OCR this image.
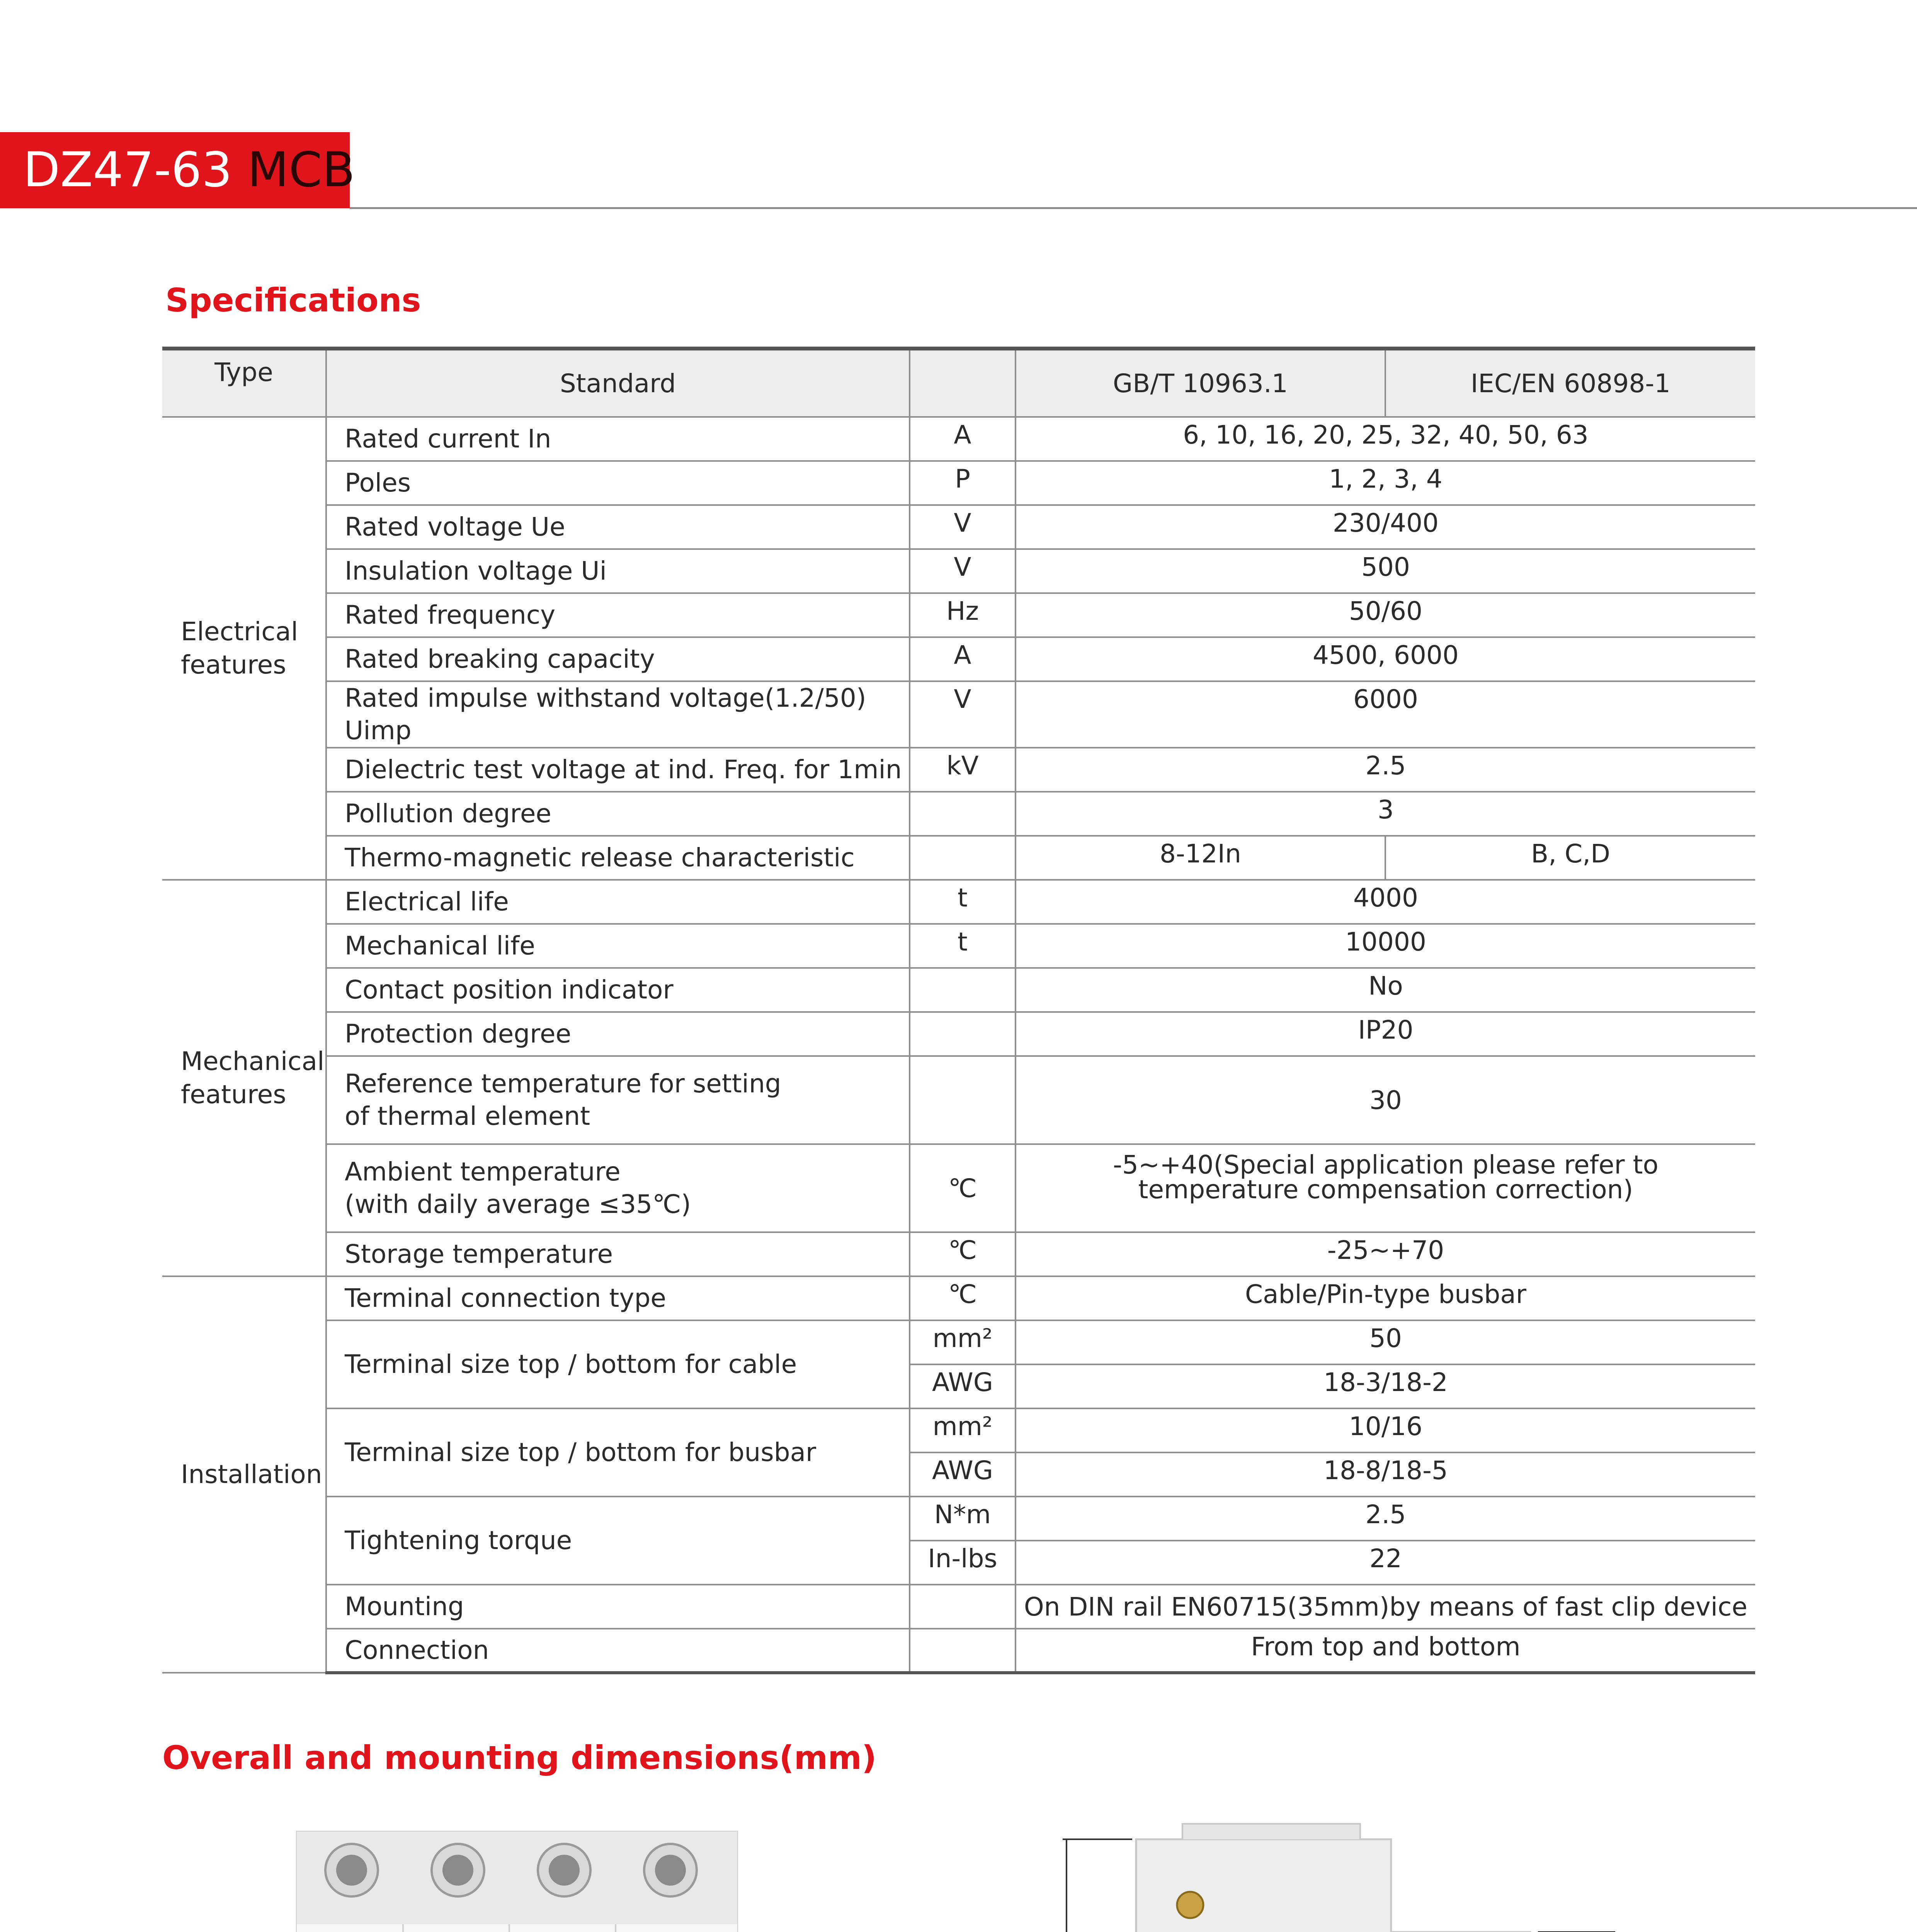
DZ47-63 MCB
Specifications
Type	Standard		GB/T 10963.1	IEC/EN 60898-1
Electrical
features	Rated current In	A	6, 10, 16, 20, 25, 32, 40, 50, 63	
	Poles	P	1, 2, 3, 4	
	Rated voltage Ue	V	230/400	
	Insulation voltage Ui	V	500	
	Rated frequency	Hz	50/60	
	Rated breaking capacity	A	4500, 6000	
	Rated impulse withstand voltage(1.2/50) Uimp	V	6000	
	Dielectric test voltage at ind. Freq. for 1min	kV	2.5	
	Pollution degree		3	
	Thermo-magnetic release characteristic		8-12In	B, C,D
Mechanical
features	Electrical life	t	4000	
	Mechanical life	t	10000	
	Contact position indicator		No	
	Protection degree		IP20	
	Reference temperature for setting
of thermal element		30	
	Ambient temperature
(with daily average ≤35℃)	℃	-5~+40(Special application please refer to
temperature compensation correction)	
	Storage temperature	℃	-25~+70	
Installation	Terminal connection type	℃	Cable/Pin-type busbar	
	Terminal size top / bottom for cable	mm²	50	
		AWG	18-3/18-2	
	Terminal size top / bottom for busbar	mm²	10/16	
		AWG	18-8/18-5	
	Tightening torque	N*m	2.5	
		In-lbs	22	
	Mounting		On DIN rail EN60715(35mm)by means of fast clip device	
	Connection		From top and bottom	
Overall and mounting dimensions(mm)
